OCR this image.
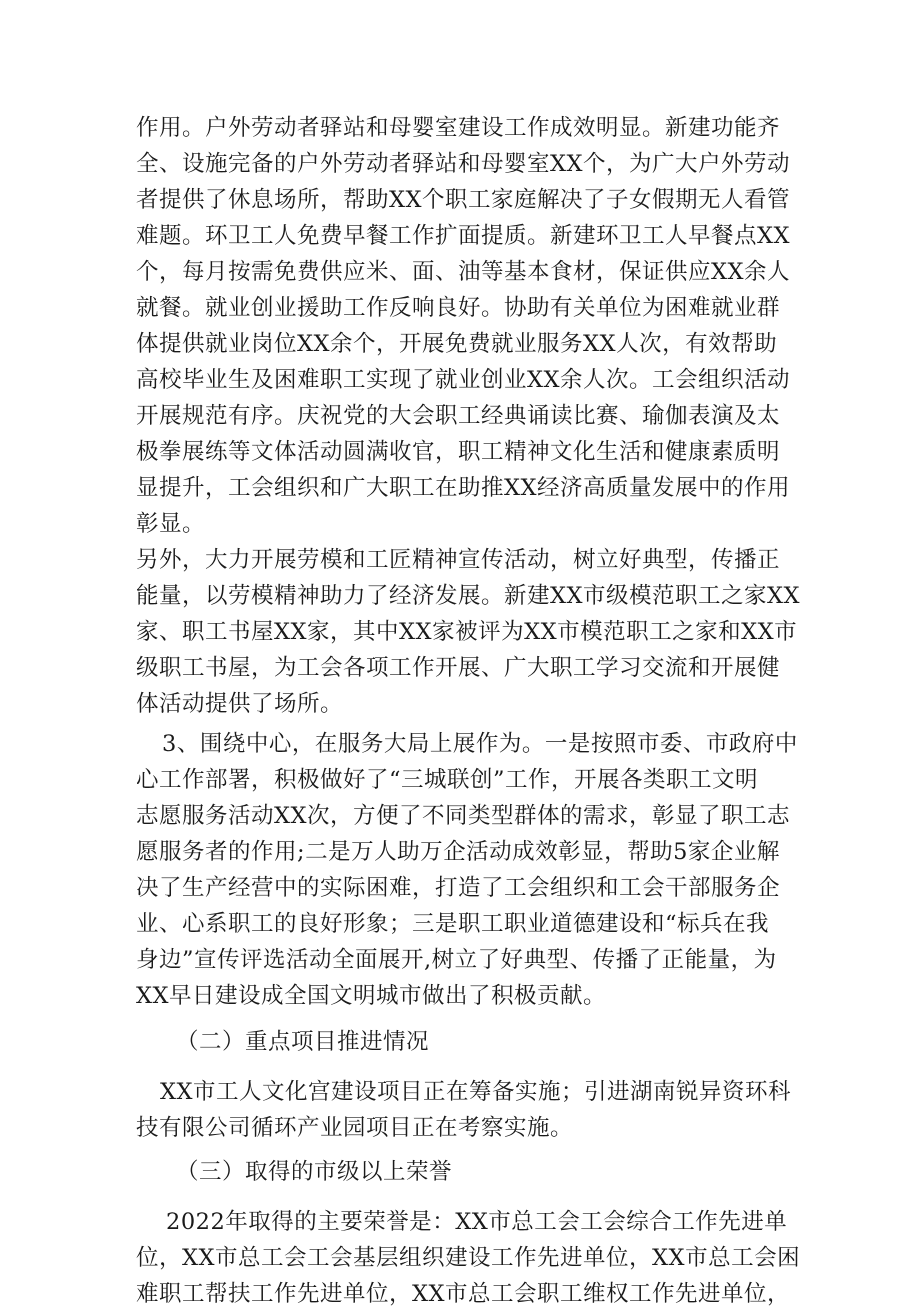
作用。户外劳动者驿站和母婴室建设工作成效明显。新建功能齐
全、设施完备的户外劳动者驿站和母婴室XX个，为广大户外劳动
者提供了休息场所，帮助XX个职工家庭解决了子女假期无人看管
难题。环卫工人免费早餐工作扩面提质。新建环卫工人早餐点XX
个，每月按需免费供应米、面、油等基本食材，保证供应XX余人
就餐。就业创业援助工作反响良好。协助有关单位为困难就业群
体提供就业岗位XX余个，开展免费就业服务XX人次，有效帮助
高校毕业生及困难职工实现了就业创业XX余人次。工会组织活动
开展规范有序。庆祝党的大会职工经典诵读比赛、瑜伽表演及太
极拳展练等文体活动圆满收官，职工精神文化生活和健康素质明
显提升，工会组织和广大职工在助推XX经济高质量发展中的作用
彰显。
另外，大力开展劳模和工匠精神宣传活动，树立好典型，传播正
能量，以劳模精神助力了经济发展。新建XX市级模范职工之家XX
家、职工书屋XX家，其中XX家被评为XX市模范职工之家和XX市
级职工书屋，为工会各项工作开展、广大职工学习交流和开展健
体活动提供了场所。
3、围绕中心，在服务大局上展作为。一是按照市委、市政府中
心工作部署，积极做好了“三城联创”工作，开展各类职工文明
志愿服务活动XX次，方便了不同类型群体的需求，彰显了职工志
愿服务者的作用;二是万人助万企活动成效彰显，帮助5家企业解
决了生产经营中的实际困难，打造了工会组织和工会干部服务企
业、心系职工的良好形象；三是职工职业道德建设和“标兵在我
身边”宣传评选活动全面展开,树立了好典型、传播了正能量，为
XX早日建设成全国文明城市做出了积极贡献。
（二）重点项目推进情况
XX市工人文化宫建设项目正在筹备实施；引进湖南锐异资环科
技有限公司循环产业园项目正在考察实施。
（三）取得的市级以上荣誉
2022年取得的主要荣誉是：XX市总工会工会综合工作先进单
位，XX市总工会工会基层组织建设工作先进单位，XX市总工会困
难职工帮扶工作先进单位，XX市总工会职工维权工作先进单位，
